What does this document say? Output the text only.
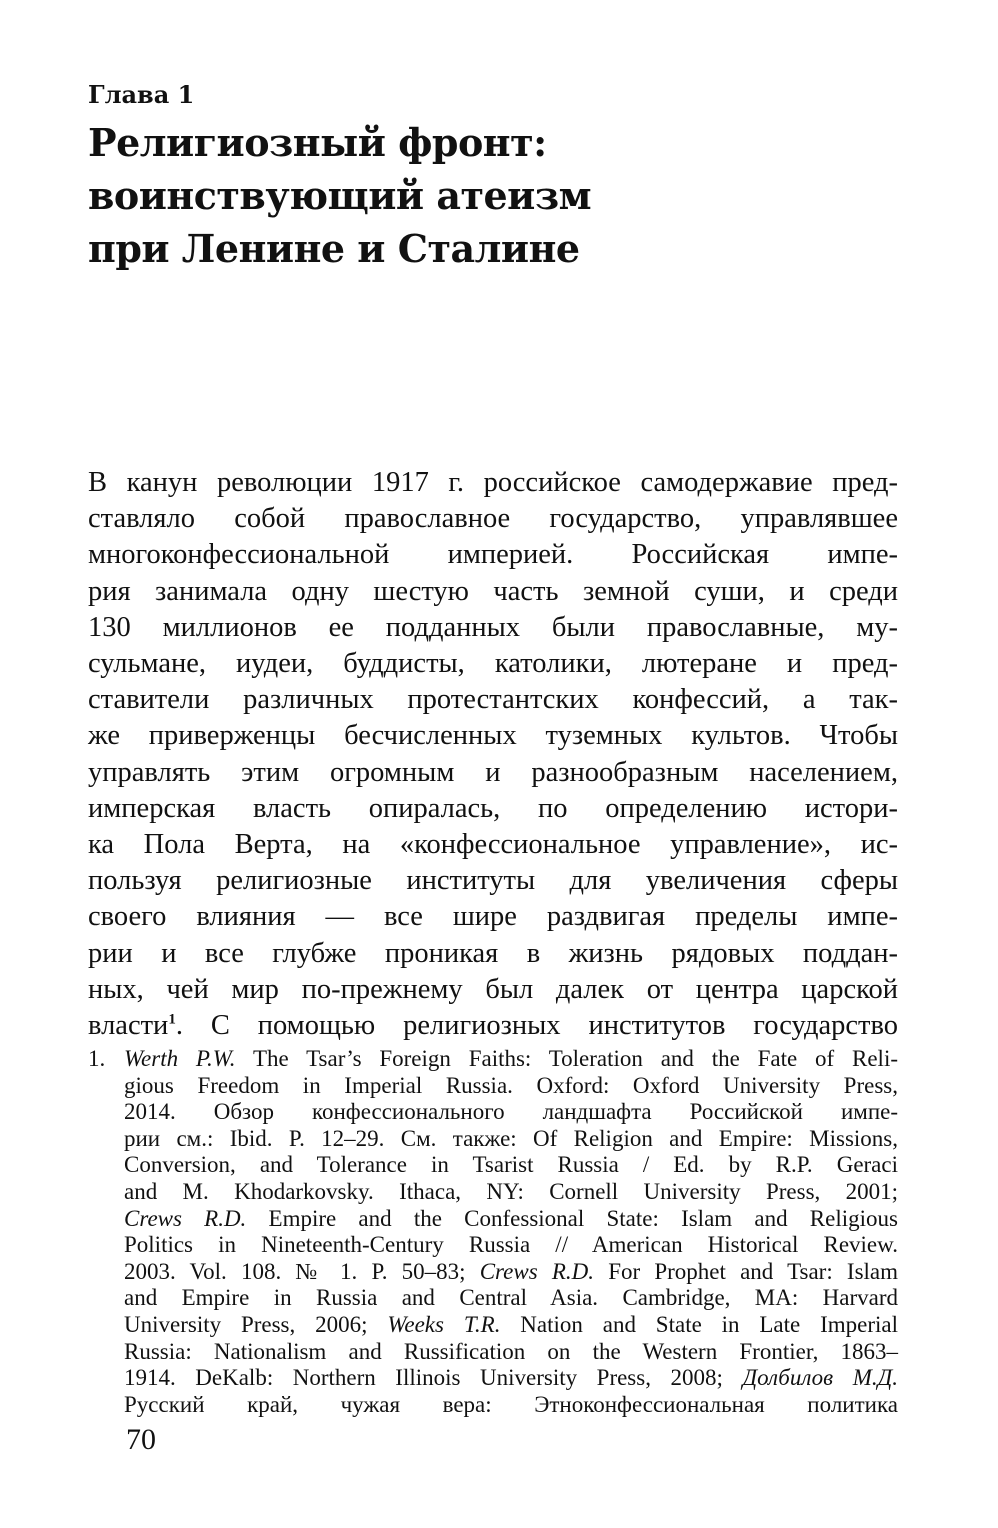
Глава 1
Религиозный фронт:
воинствующий атеизм
при Ленине и Сталине
В канун революции 1917 г. российское самодержавие пред-
ставляло собой православное государство, управлявшее
многоконфессиональной империей. Российская импе-
рия занимала одну шестую часть земной суши, и среди
130 миллионов ее подданных были православные, му-
сульмане, иудеи, буддисты, католики, лютеране и пред-
ставители различных протестантских конфессий, а так-
же приверженцы бесчисленных туземных культов. Чтобы
управлять этим огромным и разнообразным населением,
имперская власть опиралась, по определению истори-
ка Пола Верта, на «конфессиональное управление», ис-
пользуя религиозные институты для увеличения сферы
своего влияния — все шире раздвигая пределы импе-
рии и все глубже проникая в жизнь рядовых поддан-
ных, чей мир по-прежнему был далек от центра царской
власти$^1$. С помощью религиозных институтов государство
1. Werth P.W. The Tsar’s Foreign Faiths: Toleration and the Fate of Reli-
gious Freedom in Imperial Russia. Oxford: Oxford University Press,
2014. Обзор конфессионального ландшафта Российской импе-
рии см.: Ibid. P. 12–29. См. также: Of Religion and Empire: Missions,
Conversion, and Tolerance in Tsarist Russia / Ed. by R.P. Geraci
and M. Khodarkovsky. Ithaca, NY: Cornell University Press, 2001;
Crews R.D. Empire and the Confessional State: Islam and Religious
Politics in Nineteenth-Century Russia // American Historical Review.
2003. Vol. 108. № 1. P. 50–83; Crews R.D. For Prophet and Tsar: Islam
and Empire in Russia and Central Asia. Cambridge, MA: Harvard
University Press, 2006; Weeks T.R. Nation and State in Late Imperial
Russia: Nationalism and Russification on the Western Frontier, 1863–
1914. DeKalb: Northern Illinois University Press, 2008; Долбилов М.Д.
Русский край, чужая вера: Этноконфессиональная политика
70
